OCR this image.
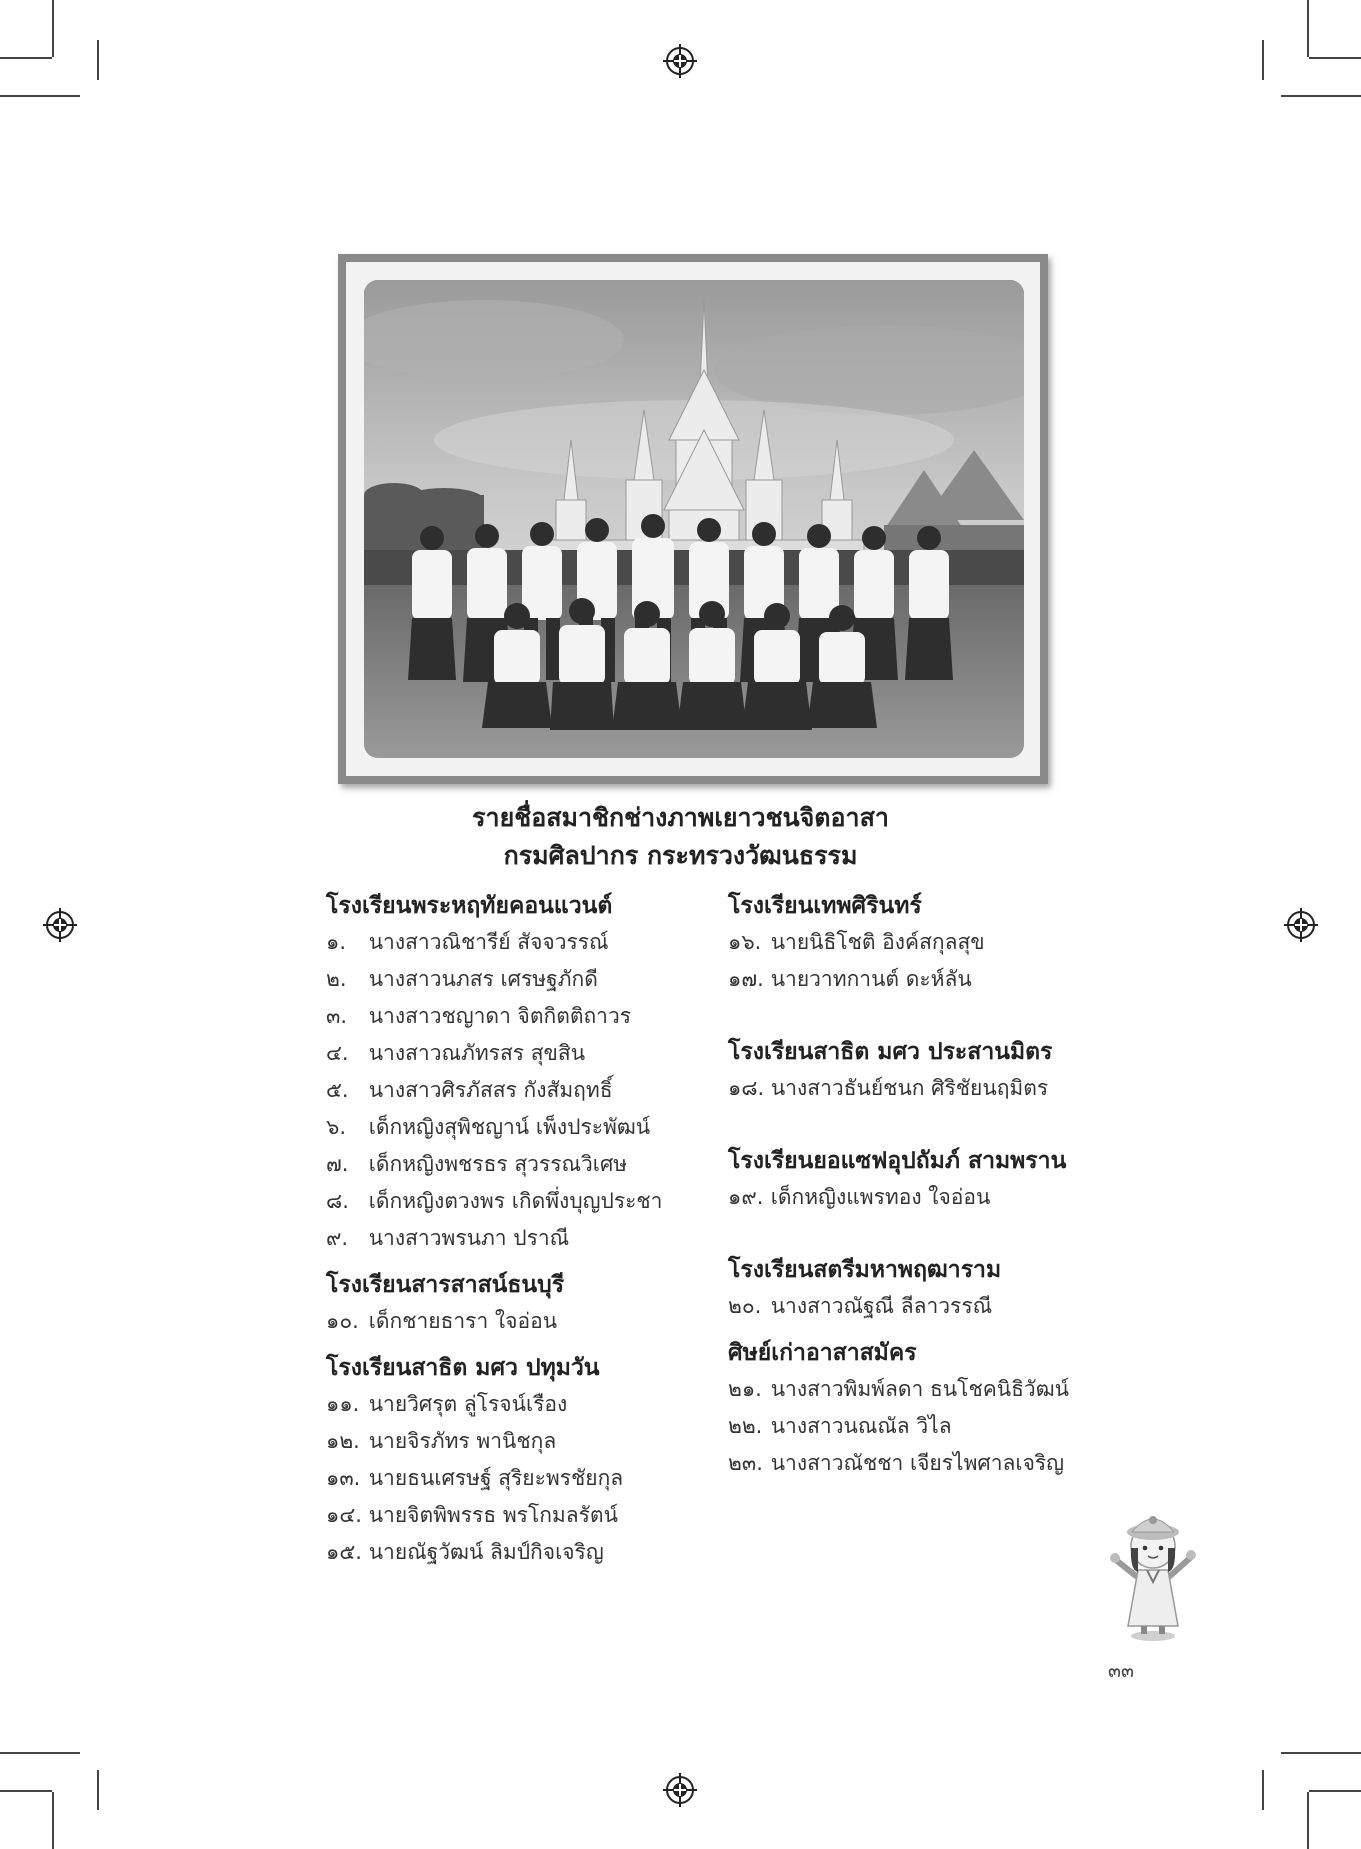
รายชื่อสมาชิกช่างภาพเยาวชนจิตอาสา
กรมศิลปากร กระทรวงวัฒนธรรม
โรงเรียนพระหฤทัยคอนแวนต์
๑. นางสาวณิชารีย์ สัจจวรรณ์
๒. นางสาวนภสร เศรษฐภักดี
๓. นางสาวชญาดา จิตกิตติถาวร
๔. นางสาวณภัทรสร สุขสิน
๕. นางสาวศิรภัสสร กังสัมฤทธิ์
๖. เด็กหญิงสุพิชญาน์ เพ็งประพัฒน์
๗. เด็กหญิงพชรธร สุวรรณวิเศษ
๘. เด็กหญิงตวงพร เกิดพึ่งบุญประชา
๙. นางสาวพรนภา ปราณี
โรงเรียนสารสาสน์ธนบุรี
๑๐. เด็กชายธารา ใจอ่อน
โรงเรียนสาธิต มศว ปทุมวัน
๑๑. นายวิศรุต ลู่โรจน์เรือง
๑๒. นายจิรภัทร พานิชกุล
๑๓. นายธนเศรษฐ์ สุริยะพรชัยกุล
๑๔. นายจิตพิพรรธ พรโกมลรัตน์
๑๕. นายณัฐวัฒน์ ลิมป์กิจเจริญ
โรงเรียนเทพศิรินทร์
๑๖. นายนิธิโชติ อิงค์สกุลสุข
๑๗. นายวาทกานต์ ดะห์ลัน
โรงเรียนสาธิต มศว ประสานมิตร
๑๘. นางสาวธันย์ชนก ศิริชัยนฤมิตร
โรงเรียนยอแซฟอุปถัมภ์ สามพราน
๑๙. เด็กหญิงแพรทอง ใจอ่อน
โรงเรียนสตรีมหาพฤฒาราม
๒๐. นางสาวณัฐณี ลีลาวรรณี
ศิษย์เก่าอาสาสมัคร
๒๑. นางสาวพิมพ์ลดา ธนโชคนิธิวัฒน์
๒๒. นางสาวนณณัล วิไล
๒๓. นางสาวณัชชา เจียรไพศาลเจริญ
๓๓
